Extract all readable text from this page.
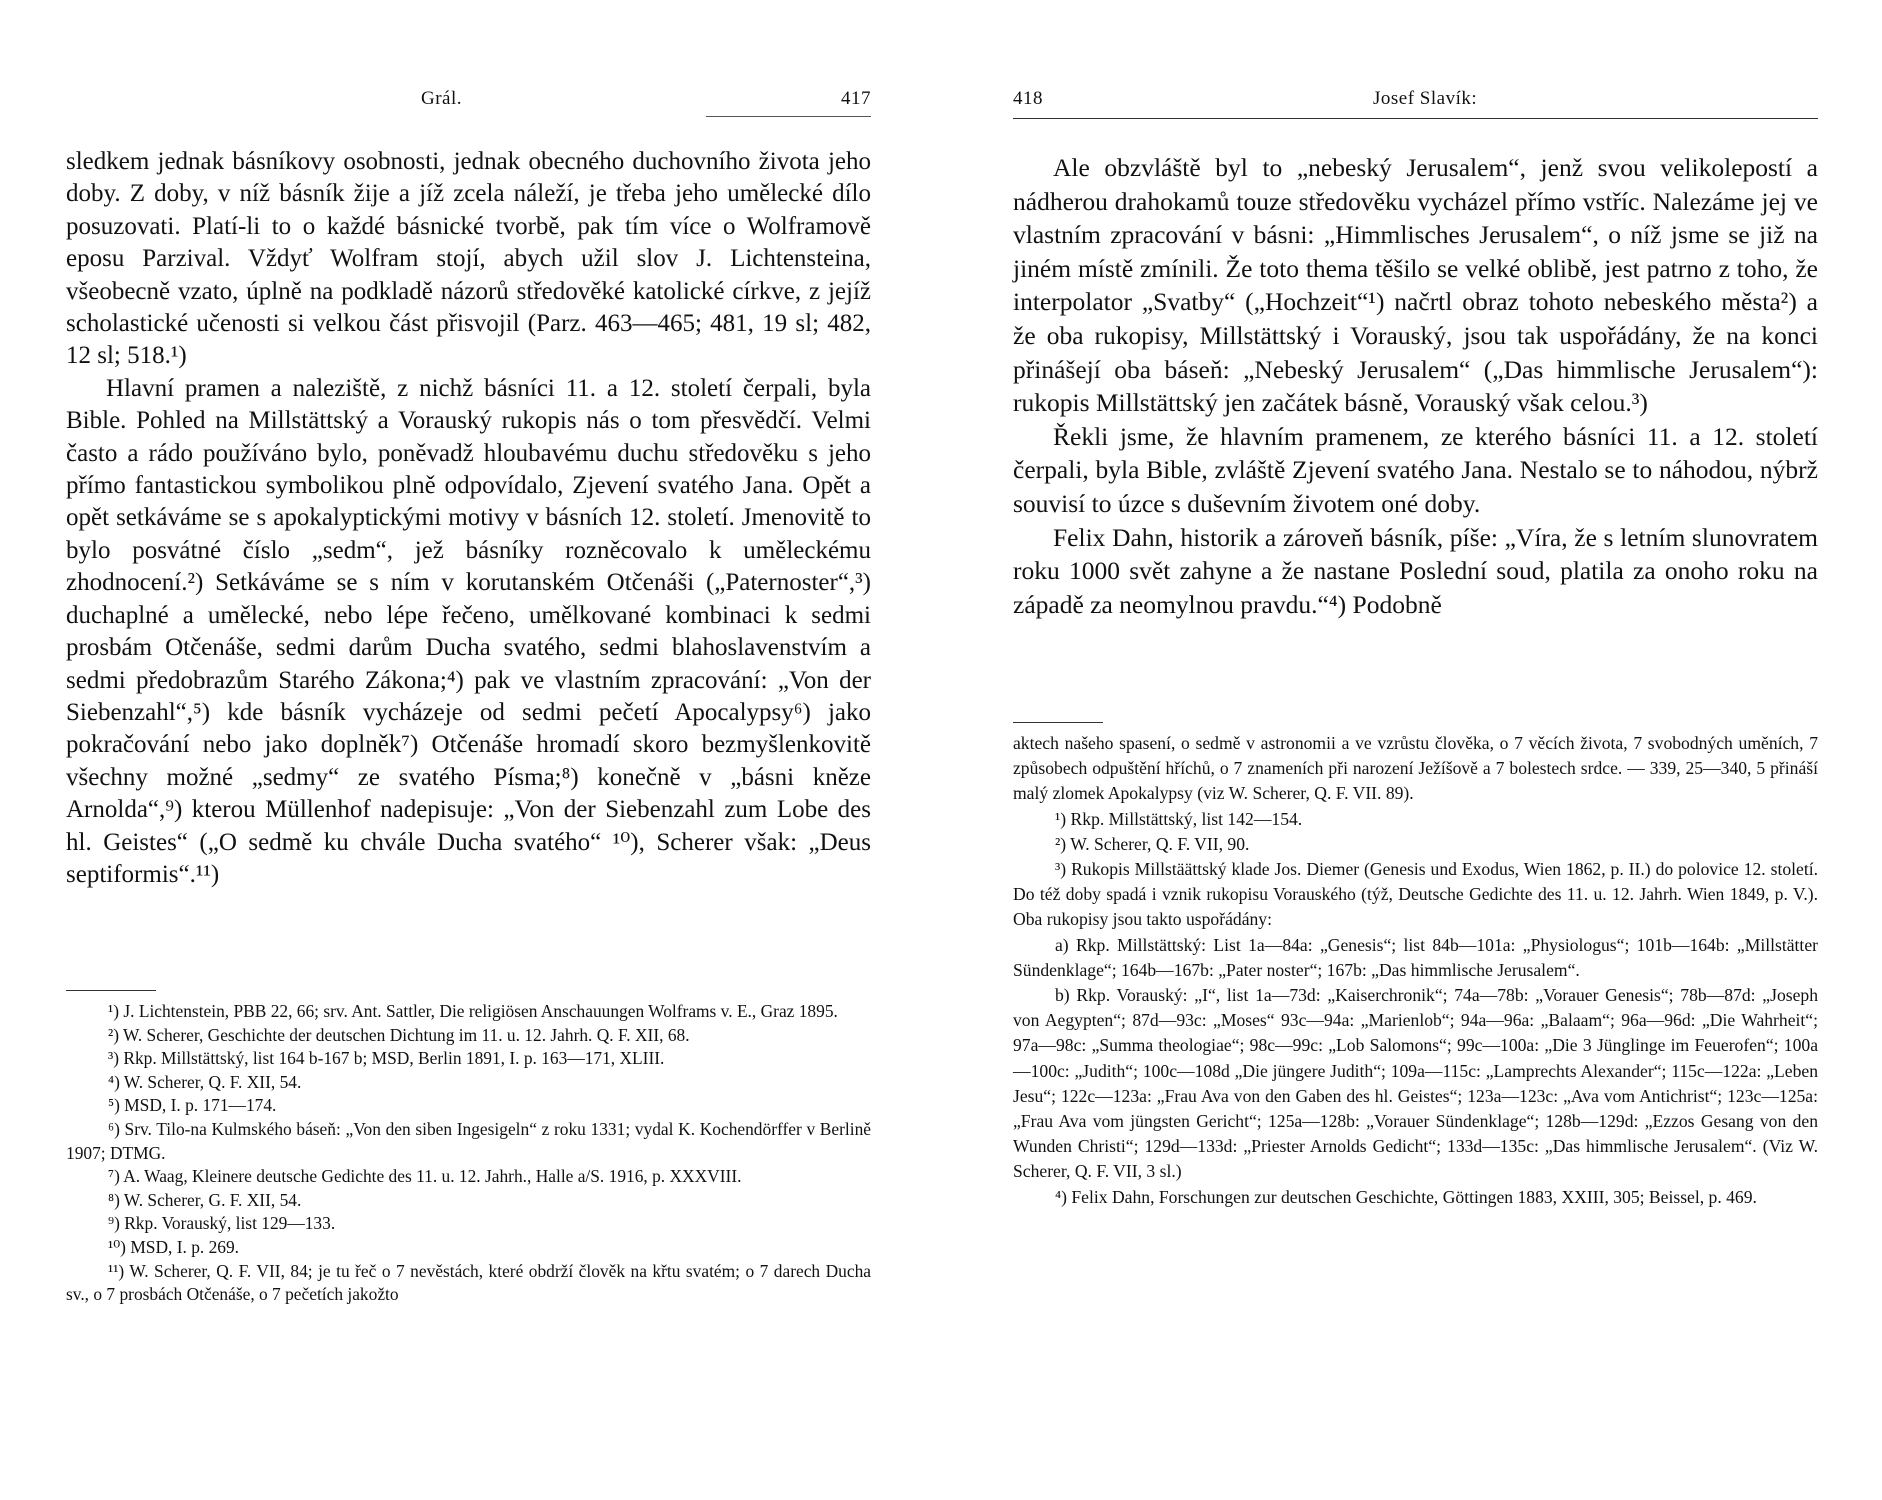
Grál.	417

sledkem jednak básníkovy osobnosti, jednak obecného duchovního života jeho doby. Z doby, v níž básník žije a jíž zcela náleží, je třeba jeho umělecké dílo posuzovati. Platí-li to o každé básnické tvorbě, pak tím více o Wolframově eposu Parzival. Vždyť Wolfram stojí, abych užil slov J. Lichtensteina, všeobecně vzato, úplně na podkladě názorů středověké katolické církve, z jejíž scholastické učenosti si velkou část přisvojil (Parz. 463—465; 481, 19 sl; 482, 12 sl; 518.¹)

Hlavní pramen a naleziště, z nichž básníci 11. a 12. století čerpali, byla Bible. Pohled na Millstättský a Vorauský rukopis nás o tom přesvědčí. Velmi často a rádo používáno bylo, poněvadž hloubavému duchu středověku s jeho přímo fantastickou symbolikou plně odpovídalo, Zjevení svatého Jana. Opět a opět setkáváme se s apokalyptickými motivy v básních 12. století. Jmenovitě to bylo posvátné číslo „sedm“, jež básníky rozněcovalo k uměleckému zhodnocení.²) Setkáváme se s ním v korutanském Otčenáši („Paternoster“,³) duchaplné a umělecké, nebo lépe řečeno, umělkované kombinaci k sedmi prosbám Otčenáše, sedmi darům Ducha svatého, sedmi blahoslavenstvím a sedmi předobrazům Starého Zákona;⁴) pak ve vlastním zpracování: „Von der Siebenzahl“,⁵) kde básník vycházeje od sedmi pečetí Apocalypsy⁶) jako pokračování nebo jako doplněk⁷) Otčenáše hromadí skoro bezmyšlenkovitě všechny možné „sedmy“ ze svatého Písma;⁸) konečně v „básni kněze Arnolda“,⁹) kterou Müllenhof nadepisuje: „Von der Siebenzahl zum Lobe des hl. Geistes“ („O sedmě ku chvále Ducha svatého“ ¹⁰), Scherer však: „Deus septiformis“.¹¹)

¹) J. Lichtenstein, PBB 22, 66; srv. Ant. Sattler, Die religiösen Anschauungen Wolframs v. E., Graz 1895.

²) W. Scherer, Geschichte der deutschen Dichtung im 11. u. 12. Jahrh. Q. F. XII, 68.

³) Rkp. Millstättský, list 164 b-167 b; MSD, Berlin 1891, I. p. 163—171, XLIII.

⁴) W. Scherer, Q. F. XII, 54.

⁵) MSD, I. p. 171—174.

⁶) Srv. Tilo-na Kulmského báseň: „Von den siben Ingesigeln“ z roku 1331; vydal K. Kochendörffer v Berlině 1907; DTMG.

⁷) A. Waag, Kleinere deutsche Gedichte des 11. u. 12. Jahrh., Halle a/S. 1916, p. XXXVIII.

⁸) W. Scherer, G. F. XII, 54.

⁹) Rkp. Vorauský, list 129—133.

¹⁰) MSD, I. p. 269.

¹¹) W. Scherer, Q. F. VII, 84; je tu řeč o 7 nevěstách, které obdrží člověk na křtu svatém; o 7 darech Ducha sv., o 7 prosbách Otčenáše, o 7 pečetích jakožto

418	Josef Slavík:

Ale obzvláště byl to „nebeský Jerusalem“, jenž svou velikolepostí a nádherou drahokamů touze středověku vycházel přímo vstříc. Nalezáme jej ve vlastním zpracování v básni: „Himmlisches Jerusalem“, o níž jsme se již na jiném místě zmínili. Že toto thema těšilo se velké oblibě, jest patrno z toho, že interpolator „Svatby“ („Hochzeit“¹) načrtl obraz tohoto nebeského města²) a že oba rukopisy, Millstättský i Vorauský, jsou tak uspořádány, že na konci přinášejí oba báseň: „Nebeský Jerusalem“ („Das himmlische Jerusalem“): rukopis Millstättský jen začátek básně, Vorauský však celou.³)

Řekli jsme, že hlavním pramenem, ze kterého básníci 11. a 12. století čerpali, byla Bible, zvláště Zjevení svatého Jana. Nestalo se to náhodou, nýbrž souvisí to úzce s duševním životem oné doby.

Felix Dahn, historik a zároveň básník, píše: „Víra, že s letním slunovratem roku 1000 svět zahyne a že nastane Poslední soud, platila za onoho roku na západě za neomylnou pravdu.“⁴) Podobně

aktech našeho spasení, o sedmě v astronomii a ve vzrůstu člověka, o 7 věcích života, 7 svobodných uměních, 7 způsobech odpuštění hříchů, o 7 znameních při narození Ježíšově a 7 bolestech srdce. — 339, 25—340, 5 přináší malý zlomek Apokalypsy (viz W. Scherer, Q. F. VII. 89).

¹) Rkp. Millstättský, list 142—154.

²) W. Scherer, Q. F. VII, 90.

³) Rukopis Millstäättský klade Jos. Diemer (Genesis und Exodus, Wien 1862, p. II.) do polovice 12. století. Do též doby spadá i vznik rukopisu Vorauského (týž, Deutsche Gedichte des 11. u. 12. Jahrh. Wien 1849, p. V.). Oba rukopisy jsou takto uspořádány:

a) Rkp. Millstättský: List 1a—84a: „Genesis“; list 84b—101a: „Physiologus“; 101b—164b: „Millstätter Sündenklage“; 164b—167b: „Pater noster“; 167b: „Das himmlische Jerusalem“.

b) Rkp. Vorauský: „I“, list 1a—73d: „Kaiserchronik“; 74a—78b: „Vorauer Genesis“; 78b—87d: „Joseph von Aegypten“; 87d—93c: „Moses“ 93c—94a: „Marienlob“; 94a—96a: „Balaam“; 96a—96d: „Die Wahrheit“; 97a—98c: „Summa theologiae“; 98c—99c: „Lob Salomons“; 99c—100a: „Die 3 Jünglinge im Feuerofen“; 100a—100c: „Judith“; 100c—108d „Die jüngere Judith“; 109a—115c: „Lamprechts Alexander“; 115c—122a: „Leben Jesu“; 122c—123a: „Frau Ava von den Gaben des hl. Geistes“; 123a—123c: „Ava vom Antichrist“; 123c—125a: „Frau Ava vom jüngsten Gericht“; 125a—128b: „Vorauer Sündenklage“; 128b—129d: „Ezzos Gesang von den Wunden Christi“; 129d—133d: „Priester Arnolds Gedicht“; 133d—135c: „Das himmlische Jerusalem“. (Viz W. Scherer, Q. F. VII, 3 sl.)

⁴) Felix Dahn, Forschungen zur deutschen Geschichte, Göttingen 1883, XXIII, 305; Beissel, p. 469.
